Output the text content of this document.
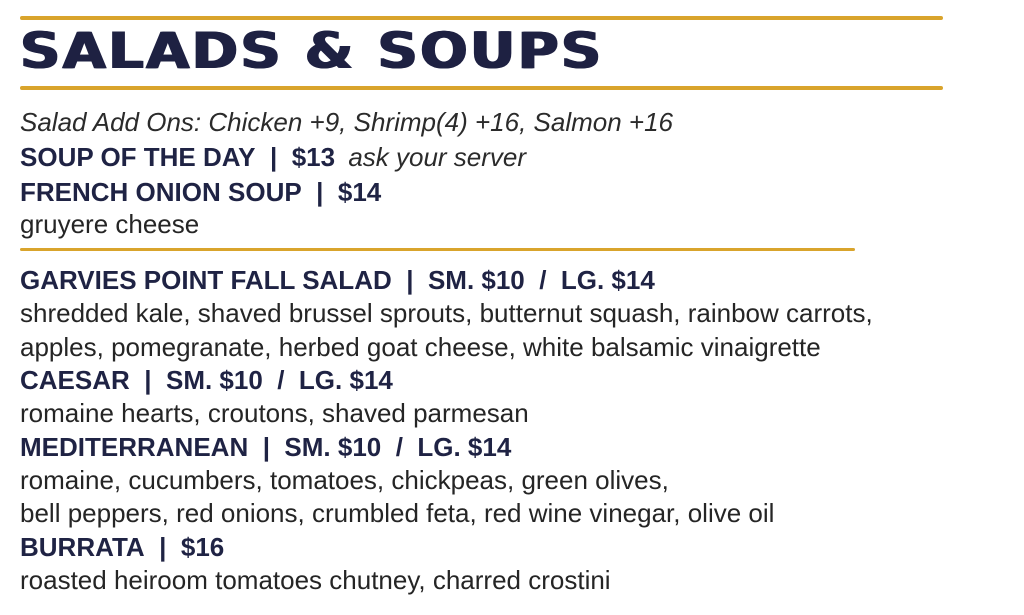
SALADS & SOUPS
Salad Add Ons: Chicken +9, Shrimp(4) +16, Salmon +16
SOUP OF THE DAY | $13 ask your server
FRENCH ONION SOUP | $14
gruyere cheese
GARVIES POINT FALL SALAD | SM. $10  /  LG. $14
shredded kale, shaved brussel sprouts, butternut squash, rainbow carrots,
apples, pomegranate, herbed goat cheese, white balsamic vinaigrette
CAESAR | SM. $10  /  LG. $14
romaine hearts, croutons, shaved parmesan
MEDITERRANEAN | SM. $10  /  LG. $14
romaine, cucumbers, tomatoes, chickpeas, green olives,
bell peppers, red onions, crumbled feta, red wine vinegar, olive oil
BURRATA | $16
roasted heiroom tomatoes chutney, charred crostini
